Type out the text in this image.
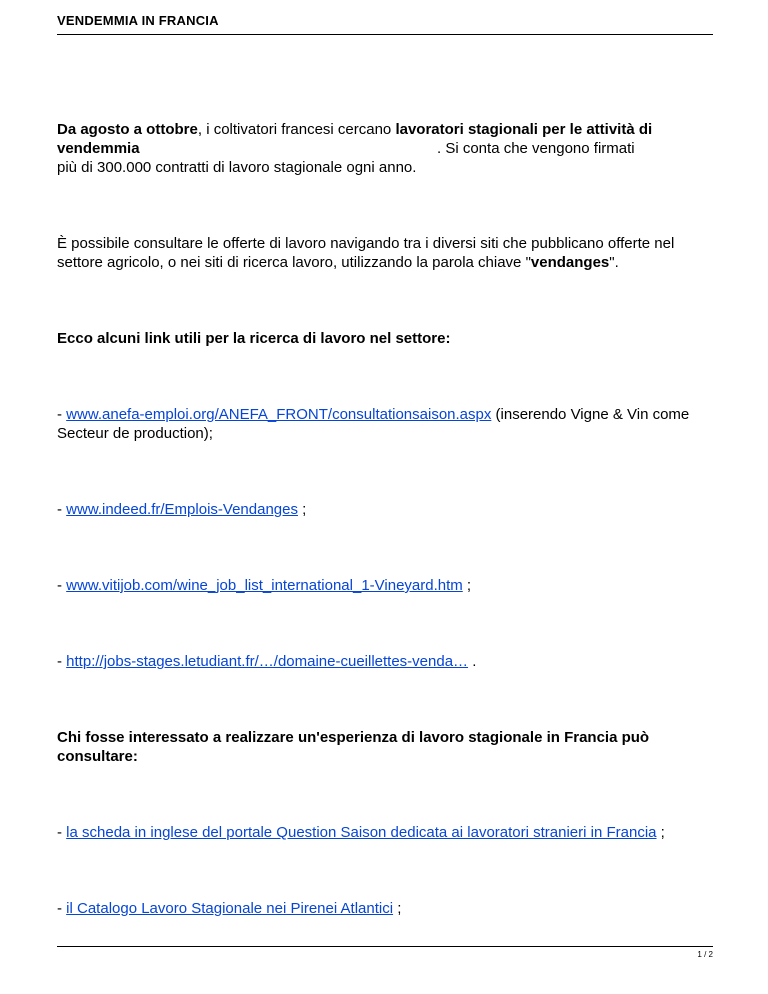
VENDEMMIA IN FRANCIA

Da agosto a ottobre, i coltivatori francesi cercano lavoratori stagionali per le attività di
vendemmia	. Si conta che vengono firmati
più di 300.000 contratti di lavoro stagionale ogni anno.

È possibile consultare le offerte di lavoro navigando tra i diversi siti che pubblicano offerte nel settore agricolo, o nei siti di ricerca lavoro, utilizzando la parola chiave "vendanges".

Ecco alcuni link utili per la ricerca di lavoro nel settore:

- www.anefa-emploi.org/ANEFA_FRONT/consultationsaison.aspx (inserendo Vigne & Vin come Secteur de production);

- www.indeed.fr/Emplois-Vendanges ;

- www.vitijob.com/wine_job_list_international_1-Vineyard.htm ;

- http://jobs-stages.letudiant.fr/…/domaine-cueillettes-venda… .

Chi fosse interessato a realizzare un'esperienza di lavoro stagionale in Francia può consultare:

- la scheda in inglese del portale Question Saison dedicata ai lavoratori stranieri in Francia ;

- il Catalogo Lavoro Stagionale nei Pirenei Atlantici ;

1 / 2
